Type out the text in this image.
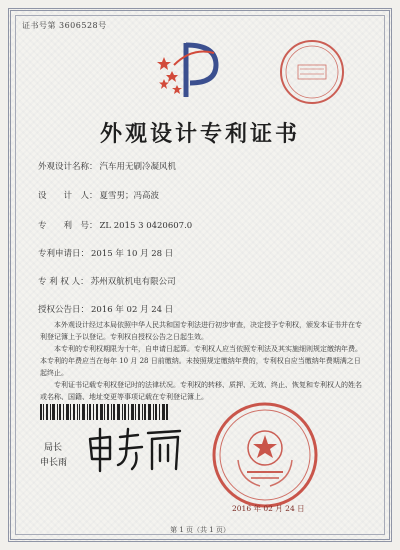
证书号第 3606528号
外观设计专利证书
外观设计名称： 汽车用无刷冷凝风机
设　　计　人： 夏雪男；冯高波
专　　利　号： ZL 2015 3 0420607.0
专利申请日： 2015 年 10 月 28 日
专 利 权 人： 苏州双航机电有限公司
授权公告日： 2016 年 02 月 24 日

本外观设计经过本局依照中华人民共和国专利法进行初步审查，决定授予专利权，颁发本证书并在专利登记簿上予以登记。专利权自授权公告之日起生效。

本专利的专利权期限为十年，自申请日起算。专利权人应当依照专利法及其实施细则规定缴纳年费。本专利的年费应当在每年 10 月 28 日前缴纳。未按照规定缴纳年费的，专利权自应当缴纳年费期满之日起终止。

专利证书记载专利权登记时的法律状况。专利权的转移、质押、无效、终止、恢复和专利权人的姓名或名称、国籍、地址变更等事项记载在专利登记簿上。

局长
申长雨
2016 年 02 月 24 日
第 1 页（共 1 页）
